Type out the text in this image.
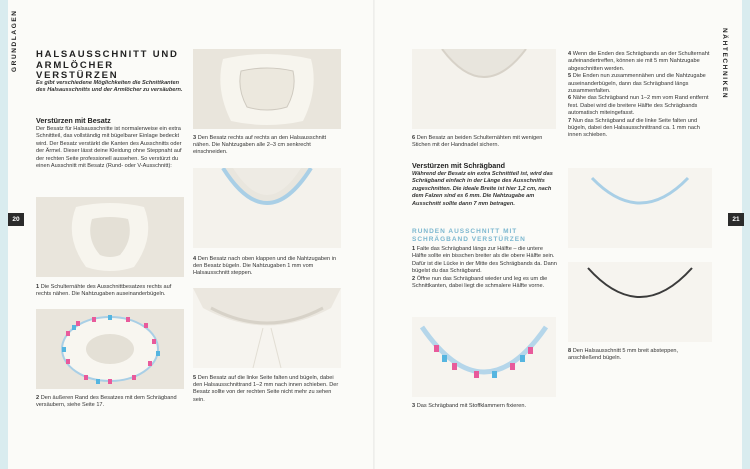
GRUNDLAGEN
20
HALSAUSSCHNITT UND ARMLÖCHER VERSTÜRZEN
Es gibt verschiedene Möglichkeiten die Schnittkanten des Halsausschnitts und der Armlöcher zu versäubern.
Verstürzen mit Besatz
Der Besatz für Halsausschnitte ist normalerweise ein extra Schnittteil, das vollständig mit bügelbarer Einlage bedeckt wird. Der Besatz verstärkt die Kanten des Ausschnitts oder der Ärmel. Dieser lässt deine Kleidung ohne Steppnaht auf der rechten Seite professionell aussehen. So verstürzt du einen Ausschnitt mit Besatz (Rund- oder V-Ausschnitt):
1 Die Schulternähte des Ausschnittbesatzes rechts auf rechts nähen. Die Nahtzugaben auseinanderbügeln.
2 Den äußeren Rand des Besatzes mit dem Schrägband versäubern, siehe Seite 17.
3 Den Besatz rechts auf rechts an den Halsausschnitt nähen. Die Nahtzugaben alle 2–3 cm senkrecht einschneiden.
4 Den Besatz nach oben klappen und die Nahtzugaben in den Besatz bügeln. Die Nahtzugaben 1 mm vom Halsausschnitt steppen.
5 Den Besatz auf die linke Seite falten und bügeln, dabei den Halsausschnittrand 1–2 mm nach innen schieben. Der Besatz sollte von der rechten Seite nicht mehr zu sehen sein.
NÄHTECHNIKEN
21
6 Den Besatz an beiden Schulternähten mit wenigen Stichen mit der Handnadel sichern.
Verstürzen mit Schrägband
Während der Besatz ein extra Schnittteil ist, wird das Schrägband einfach in der Länge des Ausschnitts zugeschnitten. Die ideale Breite ist hier 1,2 cm, nach dem Falzen sind es 6 mm. Die Nahtzugabe am Ausschnitt sollte dann 7 mm betragen.
RUNDEN AUSSCHNITT MIT SCHRÄGBAND VERSTÜRZEN
1 Falte das Schrägband längs zur Hälfte – die untere Hälfte sollte ein bisschen breiter als die obere Hälfte sein. Dafür ist die Lücke in der Mitte des Schrägbands da. Dann bügelst du das Schrägband.
2 Öffne nun das Schrägband wieder und leg es um die Schnittkanten, dabei liegt die schmalere Hälfte vorne.
3 Das Schrägband mit Stoffklammern fixieren.
4 Wenn die Enden des Schrägbands an der Schulternaht aufeinandertreffen, können sie mit 5 mm Nahtzugabe abgeschnitten werden.
5 Die Enden nun zusammennähen und die Nahtzugabe auseinanderbügeln, dann das Schrägband längs zusammenfalten.
6 Nähe das Schrägband nun 1–2 mm vom Rand entfernt fest. Dabei wird die breitere Hälfte des Schrägbands automatisch miteingefasst.
7 Nun das Schrägband auf die linke Seite falten und bügeln, dabei den Halsausschnittrand ca. 1 mm nach innen schieben.
8 Den Halsausschnitt 5 mm breit absteppen, anschließend bügeln.
